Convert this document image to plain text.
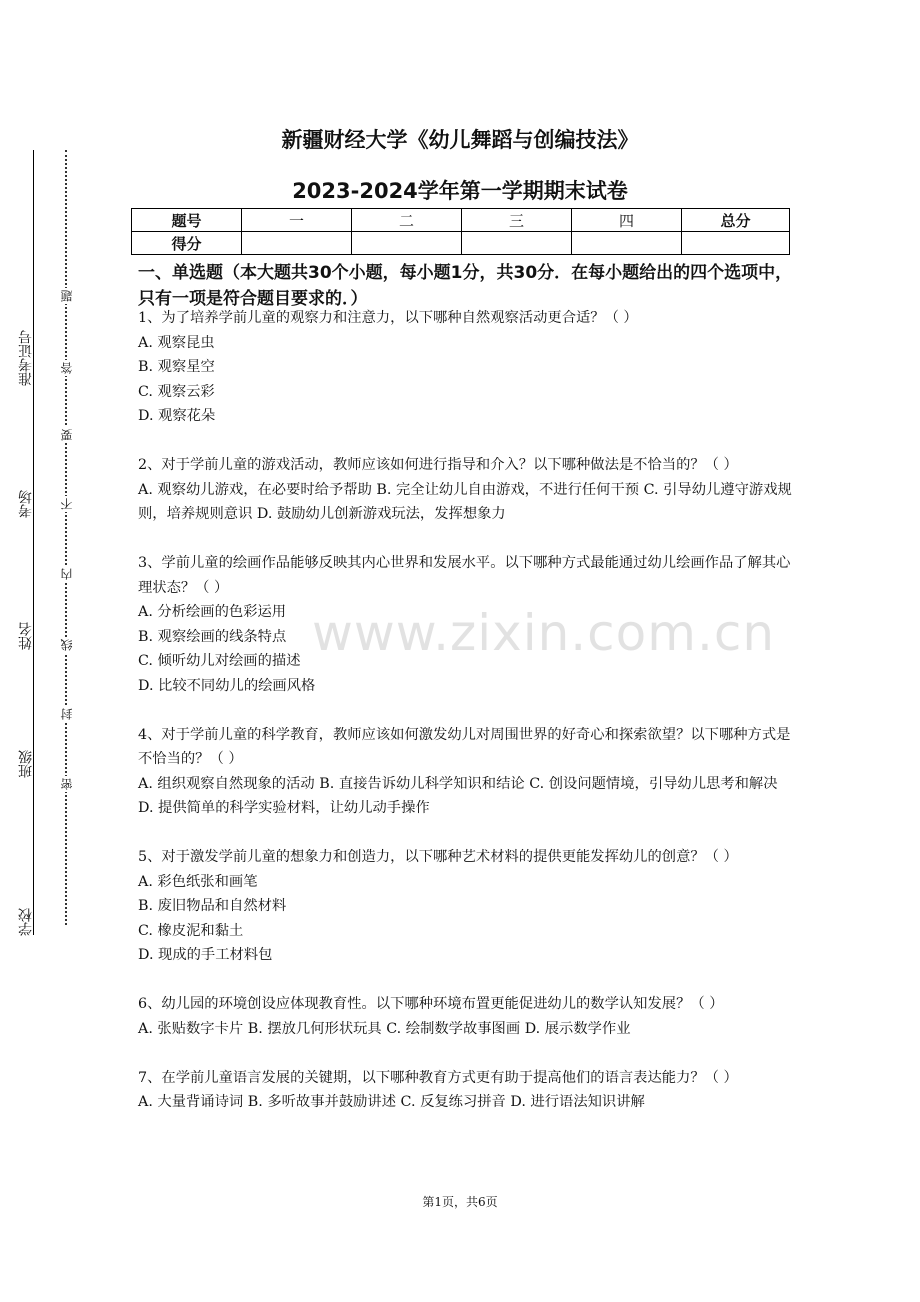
准考证号
考场
姓名
班级
学校
题
答
要
不
内
线
封
密
新疆财经大学《幼儿舞蹈与创编技法》
2023-2024学年第一学期期末试卷
题号	一	二	三	四	总分
得分					
一、单选题（本大题共30个小题，每小题1分，共30分．在每小题给出的四个选项中，只有一项是符合题目要求的．）

1、为了培养学前儿童的观察力和注意力，以下哪种自然观察活动更合适？（ ）

A. 观察昆虫

B. 观察星空

C. 观察云彩

D. 观察花朵

2、对于学前儿童的游戏活动，教师应该如何进行指导和介入？以下哪种做法是不恰当的？（ ）

A. 观察幼儿游戏，在必要时给予帮助 B. 完全让幼儿自由游戏，不进行任何干预 C. 引导幼儿遵守游戏规则，培养规则意识 D. 鼓励幼儿创新游戏玩法，发挥想象力

3、学前儿童的绘画作品能够反映其内心世界和发展水平。以下哪种方式最能通过幼儿绘画作品了解其心理状态？（ ）

A. 分析绘画的色彩运用

B. 观察绘画的线条特点

C. 倾听幼儿对绘画的描述

D. 比较不同幼儿的绘画风格

4、对于学前儿童的科学教育，教师应该如何激发幼儿对周围世界的好奇心和探索欲望？以下哪种方式是不恰当的？（ ）

A. 组织观察自然现象的活动 B. 直接告诉幼儿科学知识和结论 C. 创设问题情境，引导幼儿思考和解决 D. 提供简单的科学实验材料，让幼儿动手操作

5、对于激发学前儿童的想象力和创造力，以下哪种艺术材料的提供更能发挥幼儿的创意？（ ）

A. 彩色纸张和画笔

B. 废旧物品和自然材料

C. 橡皮泥和黏土

D. 现成的手工材料包

6、幼儿园的环境创设应体现教育性。以下哪种环境布置更能促进幼儿的数学认知发展？（ ）

A. 张贴数字卡片 B. 摆放几何形状玩具 C. 绘制数学故事图画 D. 展示数学作业

7、在学前儿童语言发展的关键期，以下哪种教育方式更有助于提高他们的语言表达能力？（ ）

A. 大量背诵诗词 B. 多听故事并鼓励讲述 C. 反复练习拼音 D. 进行语法知识讲解

www.zixin.com.cn
第1页，共6页
